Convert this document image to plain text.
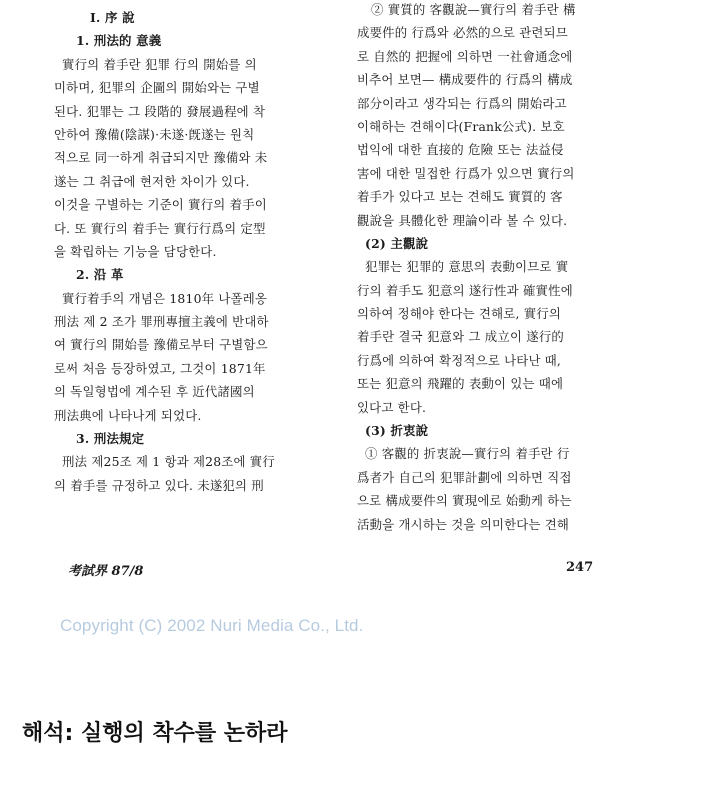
Ⅰ. 序 說
1. 刑法的 意義
實行의 着手란 犯罪 行의 開始를 의
미하며, 犯罪의 企圖의 開始와는 구별
된다. 犯罪는 그 段階的 發展過程에 착
안하여 豫備(陰謀)·未遂·旣遂는 원칙
적으로 同一하게 취급되지만 豫備와 未
遂는 그 취급에 현저한 차이가 있다.
이것을 구별하는 기준이 實行의 着手이
다. 또 實行의 着手는 實行行爲의 定型
을 확립하는 기능을 담당한다.
2. 沿 革
實行着手의 개념은 1810年 나폴레옹
刑法 제 2 조가 罪刑專擅主義에 반대하
여 實行의 開始를 豫備로부터 구별함으
로써 처음 등장하였고, 그것이 1871年
의 독일형법에 계수된 후 近代諸國의
刑法典에 나타나게 되었다.
3. 刑法規定
刑法 제25조 제 1 항과 제28조에 實行
의 着手를 규정하고 있다. 未遂犯의 刑
② 實質的 客觀說—實行의 着手란 構
成要件的 行爲와 必然的으로 관련되므
로 自然的 把握에 의하면 一社會通念에
비추어 보면— 構成要件的 行爲의 構成
部分이라고 생각되는 行爲의 開始라고
이해하는 견해이다(Frank公式). 보호
법익에 대한 直接的 危險 또는 法益侵
害에 대한 밀접한 行爲가 있으면 實行의
着手가 있다고 보는 견해도 實質的 客
觀說을 具體化한 理論이라 볼 수 있다.
(2) 主觀說
犯罪는 犯罪的 意思의 表動이므로 實
行의 着手도 犯意의 遂行性과 確實性에
의하여 정해야 한다는 견해로, 實行의
着手란 결국 犯意와 그 成立이 遂行的
行爲에 의하여 확정적으로 나타난 때,
또는 犯意의 飛躍的 表動이 있는 때에
있다고 한다.
(3) 折衷說
① 客觀的 折衷說—實行의 着手란 行
爲者가 自己의 犯罪計劃에 의하면 직접
으로 構成要件의 實現에로 始動케 하는
活動을 개시하는 것을 의미한다는 견해
考試界 87/8	247
Copyright (C) 2002 Nuri Media Co., Ltd.
해석: 실행의 착수를 논하라
